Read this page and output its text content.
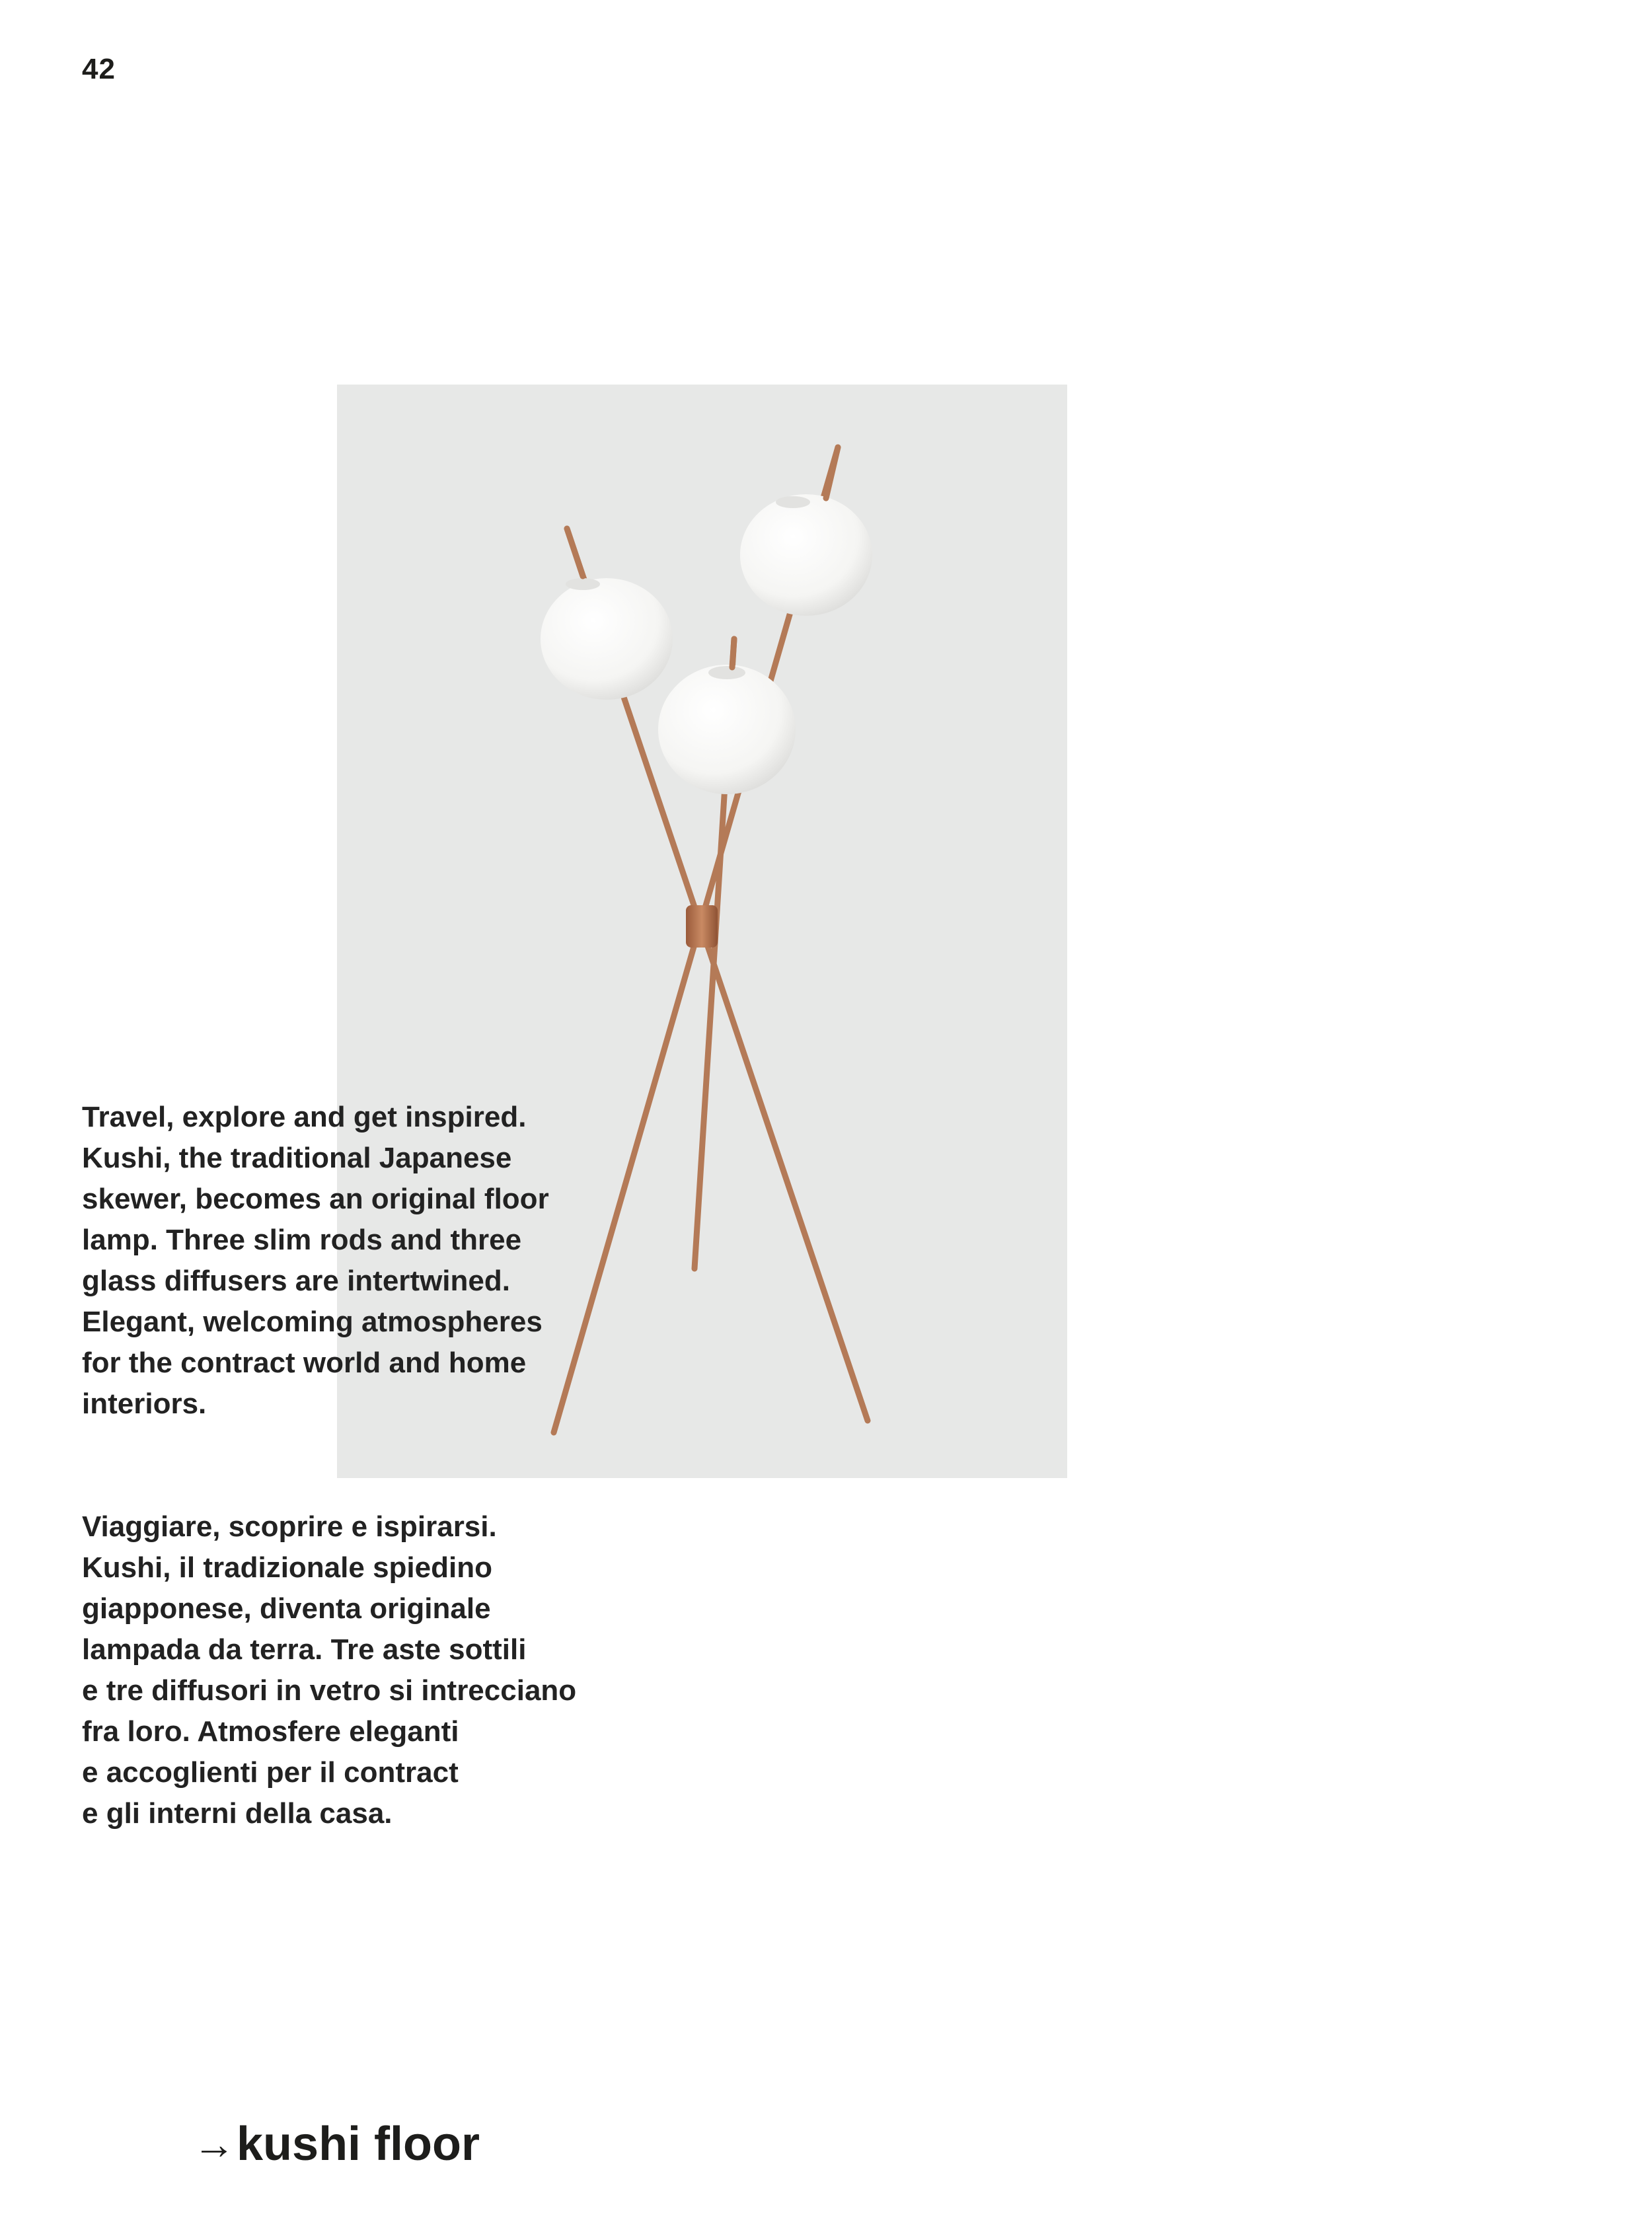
42
Travel, explore and get inspired.
Kushi, the traditional Japanese
skewer, becomes an original floor
lamp. Three slim rods and three
glass diffusers are intertwined.
Elegant, welcoming atmospheres
for the contract world and home
interiors.
Viaggiare, scoprire e ispirarsi.
Kushi, il tradizionale spiedino
giapponese, diventa originale
lampada da terra. Tre aste sottili
e tre diffusori in vetro si intrecciano
fra loro. Atmosfere eleganti
e accoglienti per il contract
e gli interni della casa.
→ kushi floor
